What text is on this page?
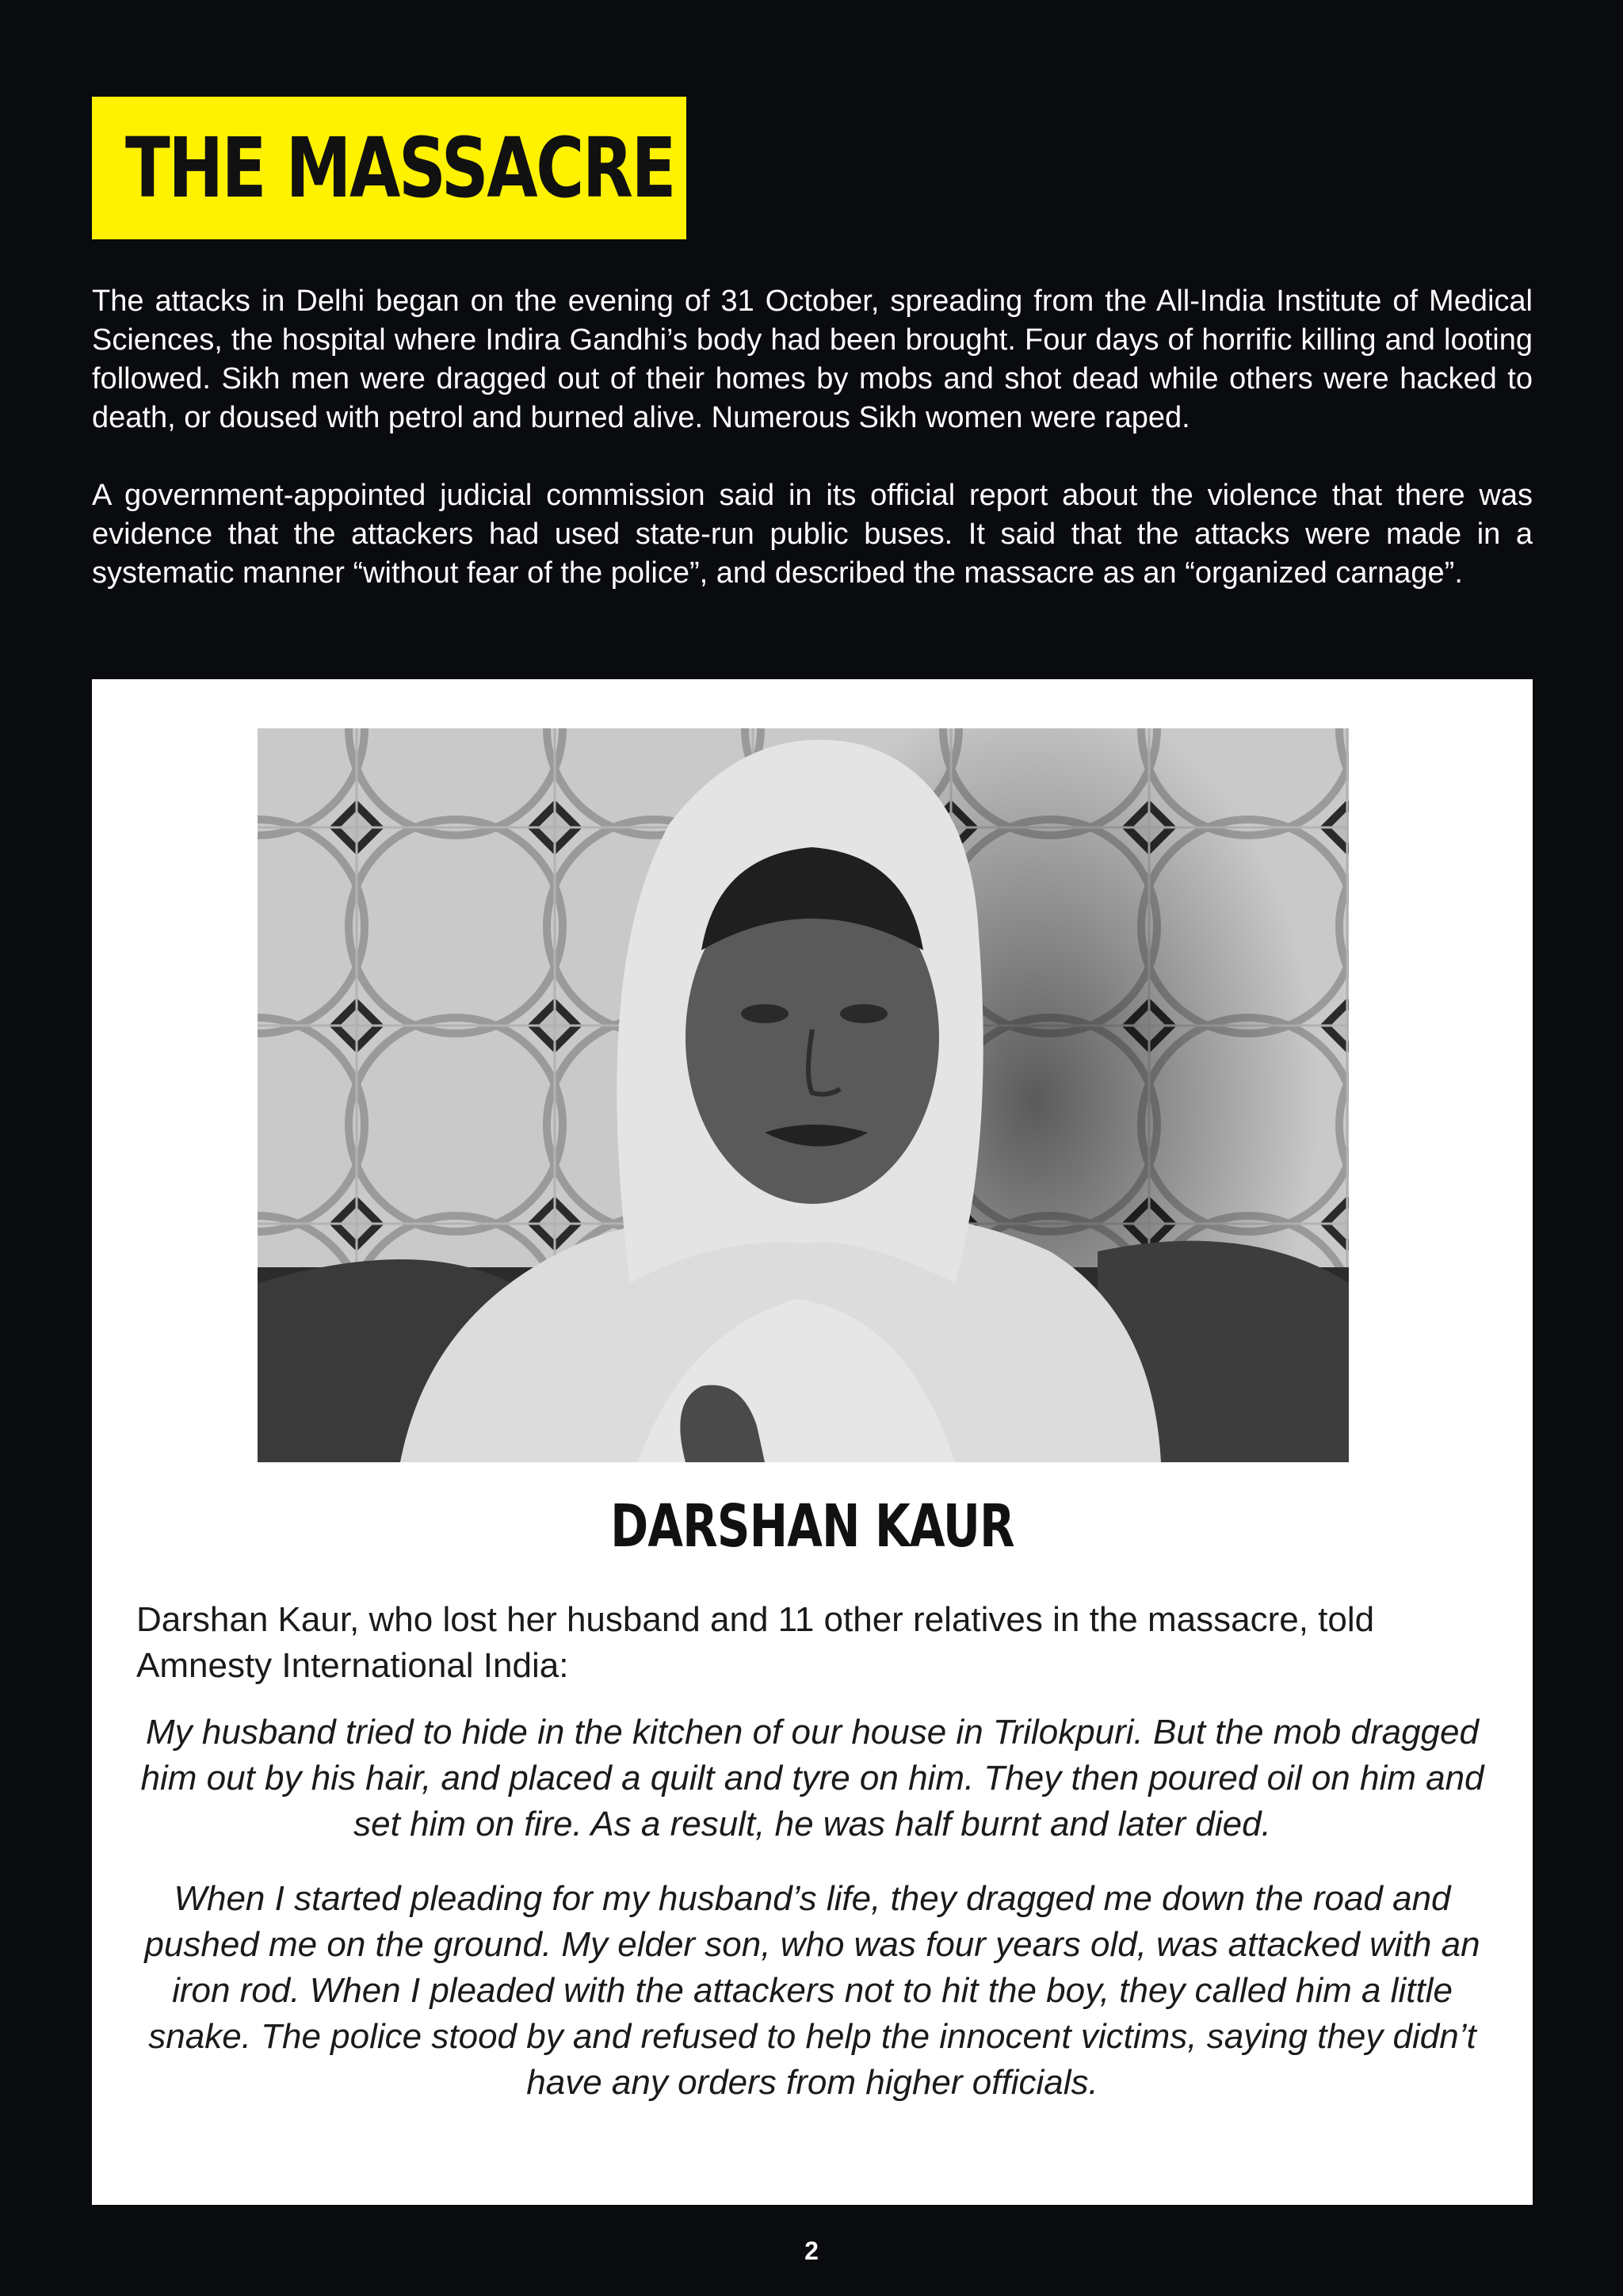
THE MASSACRE

The attacks in Delhi began on the evening of 31 October, spreading from the All-India Institute of Medical Sciences, the hospital where Indira Gandhi’s body had been brought. Four days of horrific killing and looting followed. Sikh men were dragged out of their homes by mobs and shot dead while others were hacked to death, or doused with petrol and burned alive. Numerous Sikh women were raped.

A government-appointed judicial commission said in its official report about the violence that there was evidence that the attackers had used state-run public buses. It said that the attacks were made in a systematic manner “without fear of the police”, and described the massacre as an “organized carnage”.

DARSHAN KAUR

Darshan Kaur, who lost her husband and 11 other relatives in the massacre, told Amnesty International India:

My husband tried to hide in the kitchen of our house in Trilokpuri. But the mob dragged him out by his hair, and placed a quilt and tyre on him. They then poured oil on him and set him on fire. As a result, he was half burnt and later died.

When I started pleading for my husband’s life, they dragged me down the road and pushed me on the ground. My elder son, who was four years old, was attacked with an iron rod. When I pleaded with the attackers not to hit the boy, they called him a little snake. The police stood by and refused to help the innocent victims, saying they didn’t have any orders from higher officials.

2
